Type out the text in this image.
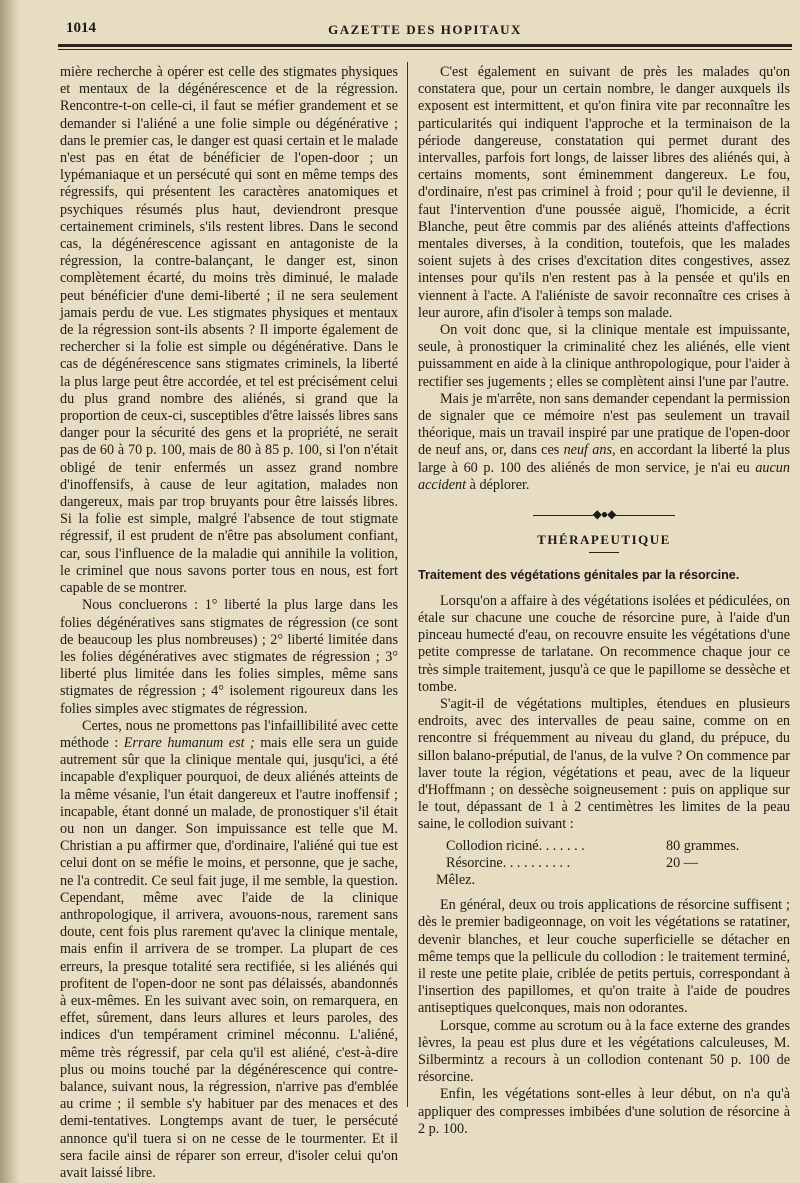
1014	GAZETTE DES HOPITAUX

mière recherche à opérer est celle des stigmates physiques et mentaux de la dégénérescence et de la régression. Rencontre-t-on celle-ci, il faut se méfier grandement et se demander si l'aliéné a une folie simple ou dégénérative ; dans le premier cas, le danger est quasi certain et le malade n'est pas en état de bénéficier de l'open-door ; un lypémaniaque et un persécuté qui sont en même temps des régressifs, qui présentent les caractères anatomiques et psychiques résumés plus haut, deviendront presque certainement criminels, s'ils restent libres. Dans le second cas, la dégénérescence agissant en antagoniste de la régression, la contre-balançant, le danger est, sinon complètement écarté, du moins très diminué, le malade peut bénéficier d'une demi-liberté ; il ne sera seulement jamais perdu de vue. Les stigmates physiques et mentaux de la régression sont-ils absents ? Il importe également de rechercher si la folie est simple ou dégénérative. Dans le cas de dégénérescence sans stigmates criminels, la liberté la plus large peut être accordée, et tel est précisément celui du plus grand nombre des aliénés, si grand que la proportion de ceux-ci, susceptibles d'être laissés libres sans danger pour la sécurité des gens et la propriété, ne serait pas de 60 à 70 p. 100, mais de 80 à 85 p. 100, si l'on n'était obligé de tenir enfermés un assez grand nombre d'inoffensifs, à cause de leur agitation, malades non dangereux, mais par trop bruyants pour être laissés libres. Si la folie est simple, malgré l'absence de tout stigmate régressif, il est prudent de n'être pas absolument confiant, car, sous l'influence de la maladie qui annihile la volition, le criminel que nous savons porter tous en nous, est fort capable de se montrer.

Nous concluerons : 1° liberté la plus large dans les folies dégénératives sans stigmates de régression (ce sont de beaucoup les plus nombreuses) ; 2° liberté limitée dans les folies dégénératives avec stigmates de régression ; 3° liberté plus limitée dans les folies simples, même sans stigmates de régression ; 4° isolement rigoureux dans les folies simples avec stigmates de régression.

Certes, nous ne promettons pas l'infaillibilité avec cette méthode : Errare humanum est ; mais elle sera un guide autrement sûr que la clinique mentale qui, jusqu'ici, a été incapable d'expliquer pourquoi, de deux aliénés atteints de la même vésanie, l'un était dangereux et l'autre inoffensif ; incapable, étant donné un malade, de pronostiquer s'il était ou non un danger. Son impuissance est telle que M. Christian a pu affirmer que, d'ordinaire, l'aliéné qui tue est celui dont on se méfie le moins, et personne, que je sache, ne l'a contredit. Ce seul fait juge, il me semble, la question. Cependant, même avec l'aide de la clinique anthropologique, il arrivera, avouons-nous, rarement sans doute, cent fois plus rarement qu'avec la clinique mentale, mais enfin il arrivera de se tromper. La plupart de ces erreurs, la presque totalité sera rectifiée, si les aliénés qui profitent de l'open-door ne sont pas délaissés, abandonnés à eux-mêmes. En les suivant avec soin, on remarquera, en effet, sûrement, dans leurs allures et leurs paroles, des indices d'un tempérament criminel méconnu. L'aliéné, même très régressif, par cela qu'il est aliéné, c'est-à-dire plus ou moins touché par la dégénérescence qui contre-balance, suivant nous, la régression, n'arrive pas d'emblée au crime ; il semble s'y habituer par des menaces et des demi-tentatives. Longtemps avant de tuer, le persécuté annonce qu'il tuera si on ne cesse de le tourmenter. Et il sera facile ainsi de réparer son erreur, d'isoler celui qu'on avait laissé libre.

C'est également en suivant de près les malades qu'on constatera que, pour un certain nombre, le danger auxquels ils exposent est intermittent, et qu'on finira vite par reconnaître les particularités qui indiquent l'approche et la terminaison de la période dangereuse, constatation qui permet durant des intervalles, parfois fort longs, de laisser libres des aliénés qui, à certains moments, sont éminemment dangereux. Le fou, d'ordinaire, n'est pas criminel à froid ; pour qu'il le devienne, il faut l'intervention d'une poussée aiguë, l'homicide, a écrit Blanche, peut être commis par des aliénés atteints d'affections mentales diverses, à la condition, toutefois, que les malades soient sujets à des crises d'excitation dites congestives, assez intenses pour qu'ils n'en restent pas à la pensée et qu'ils en viennent à l'acte. A l'aliéniste de savoir reconnaître ces crises à leur aurore, afin d'isoler à temps son malade.

On voit donc que, si la clinique mentale est impuissante, seule, à pronostiquer la criminalité chez les aliénés, elle vient puissamment en aide à la clinique anthropologique, pour l'aider à rectifier ses jugements ; elles se complètent ainsi l'une par l'autre.

Mais je m'arrête, non sans demander cependant la permission de signaler que ce mémoire n'est pas seulement un travail théorique, mais un travail inspiré par une pratique de l'open-door de neuf ans, or, dans ces neuf ans, en accordant la liberté la plus large à 60 p. 100 des aliénés de mon service, je n'ai eu aucun accident à déplorer.

◆●◆
THÉRAPEUTIQUE
Traitement des végétations génitales par la résorcine.

Lorsqu'on a affaire à des végétations isolées et pédiculées, on étale sur chacune une couche de résorcine pure, à l'aide d'un pinceau humecté d'eau, on recouvre ensuite les végétations d'une petite compresse de tarlatane. On recommence chaque jour ce très simple traitement, jusqu'à ce que le papillome se dessèche et tombe.

S'agit-il de végétations multiples, étendues en plusieurs endroits, avec des intervalles de peau saine, comme on en rencontre si fréquemment au niveau du gland, du prépuce, du sillon balano-préputial, de l'anus, de la vulve ? On commence par laver toute la région, végétations et peau, avec de la liqueur d'Hoffmann ; on dessèche soigneusement : puis on applique sur le tout, dépassant de 1 à 2 centimètres les limites de la peau saine, le collodion suivant :

Collodion riciné. . . . . . .	80 grammes.
Résorcine. . . . . . . . . .	20 —
Mêlez.

En général, deux ou trois applications de résorcine suffisent ; dès le premier badigeonnage, on voit les végétations se ratatiner, devenir blanches, et leur couche superficielle se détacher en même temps que la pellicule du collodion : le traitement terminé, il reste une petite plaie, criblée de petits pertuis, correspondant à l'insertion des papillomes, et qu'on traite à l'aide de poudres antiseptiques quelconques, mais non odorantes.

Lorsque, comme au scrotum ou à la face externe des grandes lèvres, la peau est plus dure et les végétations calculeuses, M. Silbermintz a recours à un collodion contenant 50 p. 100 de résorcine.

Enfin, les végétations sont-elles à leur début, on n'a qu'à appliquer des compresses imbibées d'une solution de résorcine à 2 p. 100.
